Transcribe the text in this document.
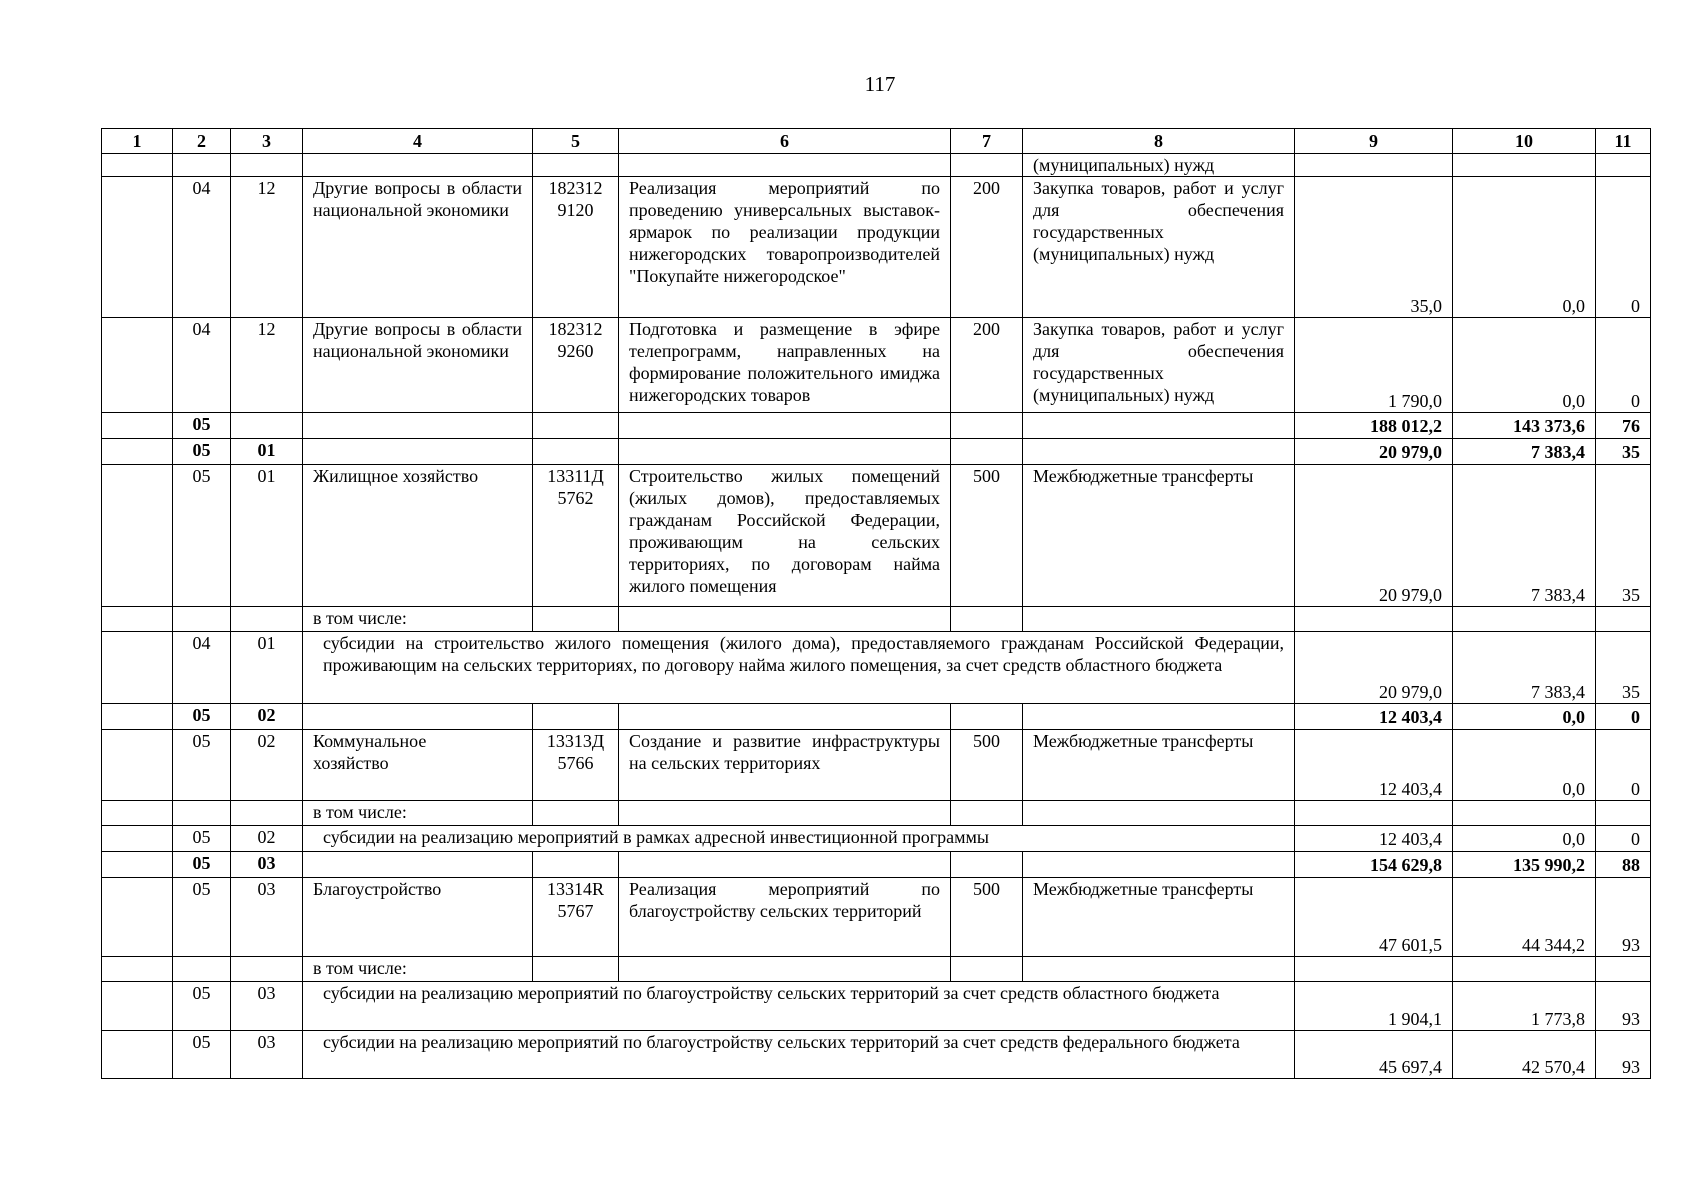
117
1	2	3	4	5	6	7	8	9	10	11
							(муниципальных) нужд			
	04	12	Другие вопросы в области национальной экономики	182312 9120	Реализация мероприятий по проведению универсальных выставок-ярмарок по реализации продукции нижегородских товаропроизводителей "Покупайте нижегородское"	200	Закупка товаров, работ и услуг для обеспечения государственных (муниципальных) нужд	35,0	0,0	0
	04	12	Другие вопросы в области национальной экономики	182312 9260	Подготовка и размещение в эфире телепрограмм, направленных на формирование положительного имиджа нижегородских товаров	200	Закупка товаров, работ и услуг для обеспечения государственных (муниципальных) нужд	1 790,0	0,0	0
	05							188 012,2	143 373,6	76
	05	01						20 979,0	7 383,4	35
	05	01	Жилищное хозяйство	13311Д 5762	Строительство жилых помещений (жилых домов), предоставляемых гражданам Российской Федерации, проживающим на сельских территориях, по договорам найма жилого помещения	500	Межбюджетные трансферты	20 979,0	7 383,4	35
			в том числе:							
	04	01	субсидии на строительство жилого помещения (жилого дома), предоставляемого гражданам Российской Федерации, проживающим на сельских территориях, по договору найма жилого помещения, за счет средств областного бюджета					20 979,0	7 383,4	35
	05	02						12 403,4	0,0	0
	05	02	Коммунальное хозяйство	13313Д 5766	Создание и развитие инфраструктуры на сельских территориях	500	Межбюджетные трансферты	12 403,4	0,0	0
			в том числе:							
	05	02	субсидии на реализацию мероприятий в рамках адресной инвестиционной программы					12 403,4	0,0	0
	05	03						154 629,8	135 990,2	88
	05	03	Благоустройство	13314R 5767	Реализация мероприятий по благоустройству сельских территорий	500	Межбюджетные трансферты	47 601,5	44 344,2	93
			в том числе:							
	05	03	субсидии на реализацию мероприятий по благоустройству сельских территорий за счет средств областного бюджета					1 904,1	1 773,8	93
	05	03	субсидии на реализацию мероприятий по благоустройству сельских территорий за счет средств федерального бюджета					45 697,4	42 570,4	93
